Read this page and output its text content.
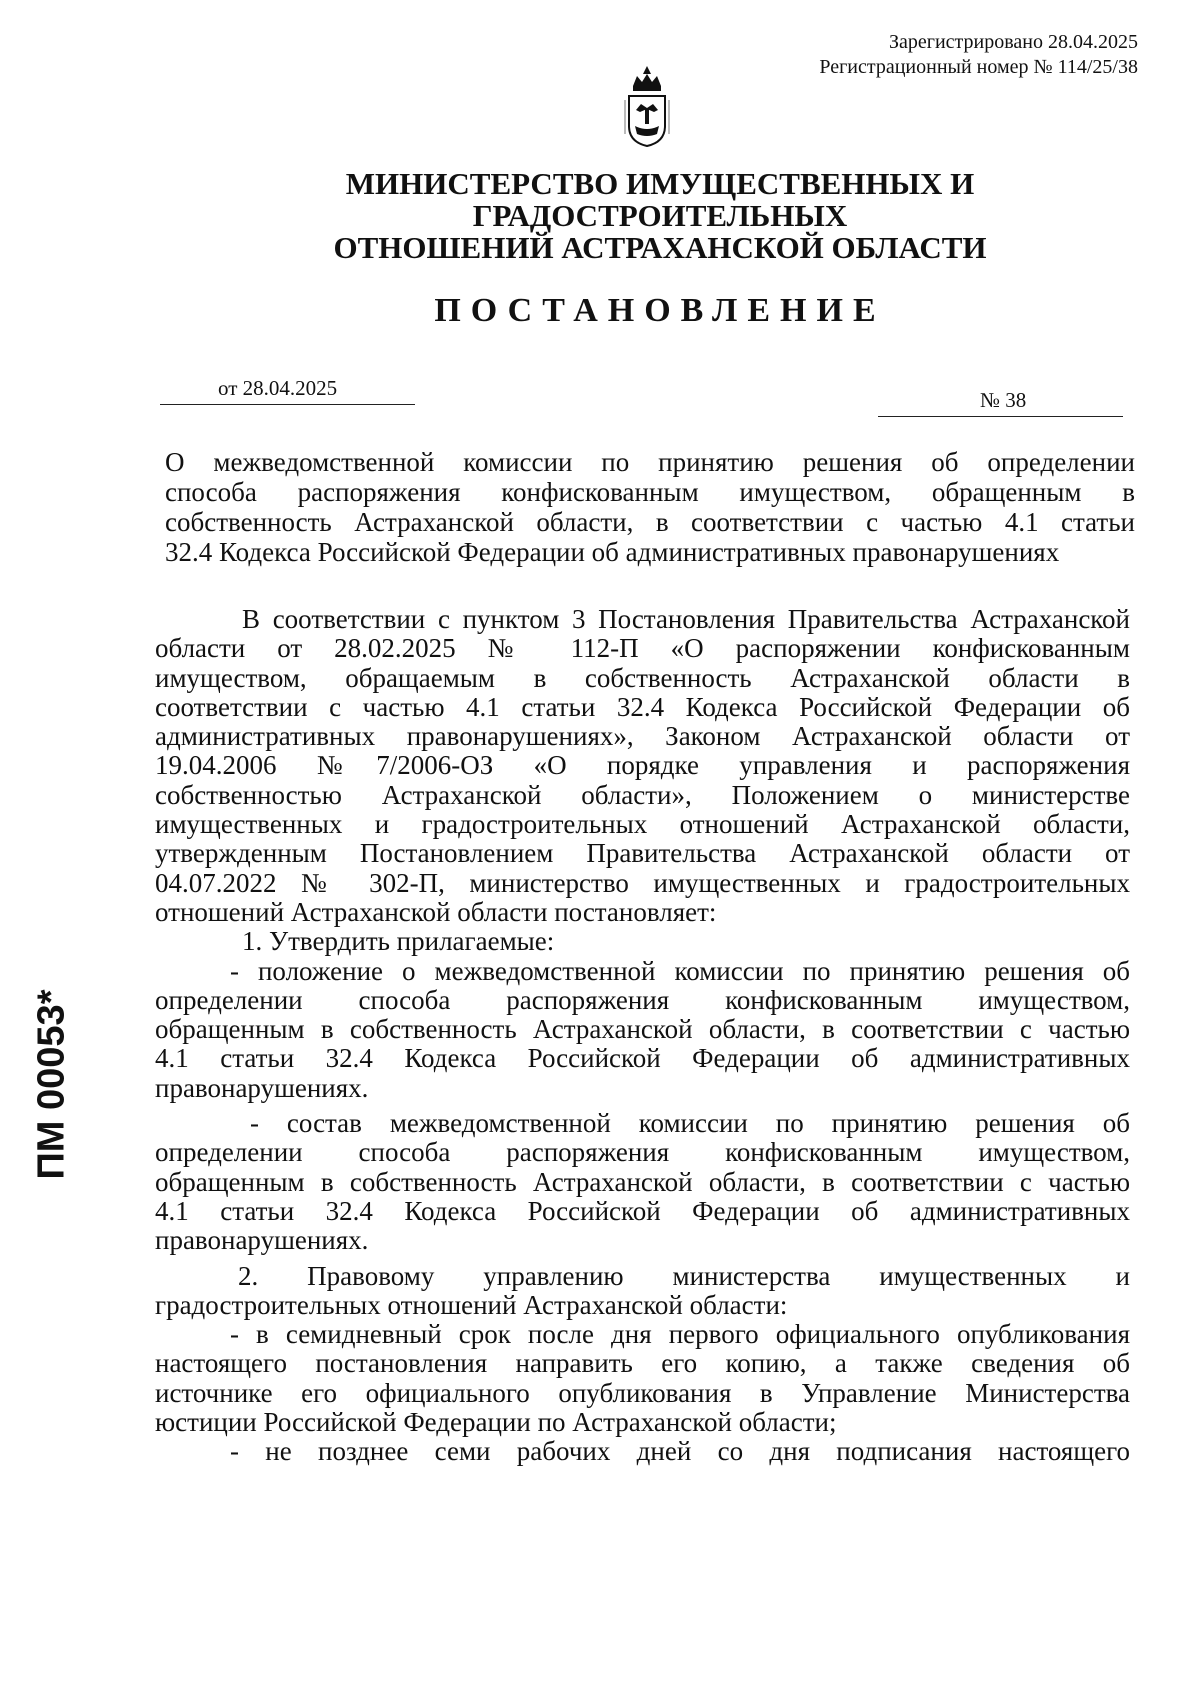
Зарегистрировано 28.04.2025
Регистрационный номер № 114/25/38
МИНИСТЕРСТВО ИМУЩЕСТВЕННЫХ И
ГРАДОСТРОИТЕЛЬНЫХ
ОТНОШЕНИЙ АСТРАХАНСКОЙ ОБЛАСТИ
ПОСТАНОВЛЕНИЕ
от 28.04.2025	№ 38
ПМ 00053*
О межведомственной комиссии по принятию решения об определении
способа распоряжения конфискованным имуществом, обращенным в
собственность Астраханской области, в соответствии с частью 4.1 статьи
32.4 Кодекса Российской Федерации об административных правонарушениях
В соответствии с пунктом 3 Постановления Правительства Астраханской
области от 28.02.2025 № 112-П «О распоряжении конфискованным
имуществом, обращаемым в собственность Астраханской области в
соответствии с частью 4.1 статьи 32.4 Кодекса Российской Федерации об
административных правонарушениях», Законом Астраханской области от
19.04.2006 №7/2006-ОЗ «О порядке управления и распоряжения
собственностью Астраханской области», Положением о министерстве
имущественных и градостроительных отношений Астраханской области,
утвержденным Постановлением Правительства Астраханской области от
04.07.2022 № 302-П, министерство имущественных и градостроительных
отношений Астраханской области постановляет:
1. Утвердить прилагаемые:
- положение о межведомственной комиссии по принятию решения об
определении способа распоряжения конфискованным имуществом,
обращенным в собственность Астраханской области, в соответствии с частью
4.1 статьи 32.4 Кодекса Российской Федерации об административных
правонарушениях.
- состав межведомственной комиссии по принятию решения об
определении способа распоряжения конфискованным имуществом,
обращенным в собственность Астраханской области, в соответствии с частью
4.1 статьи 32.4 Кодекса Российской Федерации об административных
правонарушениях.
2. Правовому управлению министерства имущественных и
градостроительных отношений Астраханской области:
- в семидневный срок после дня первого официального опубликования
настоящего постановления направить его копию, а также сведения об
источнике его официального опубликования в Управление Министерства
юстиции Российской Федерации по Астраханской области;
- не позднее семи рабочих дней со дня подписания настоящего
